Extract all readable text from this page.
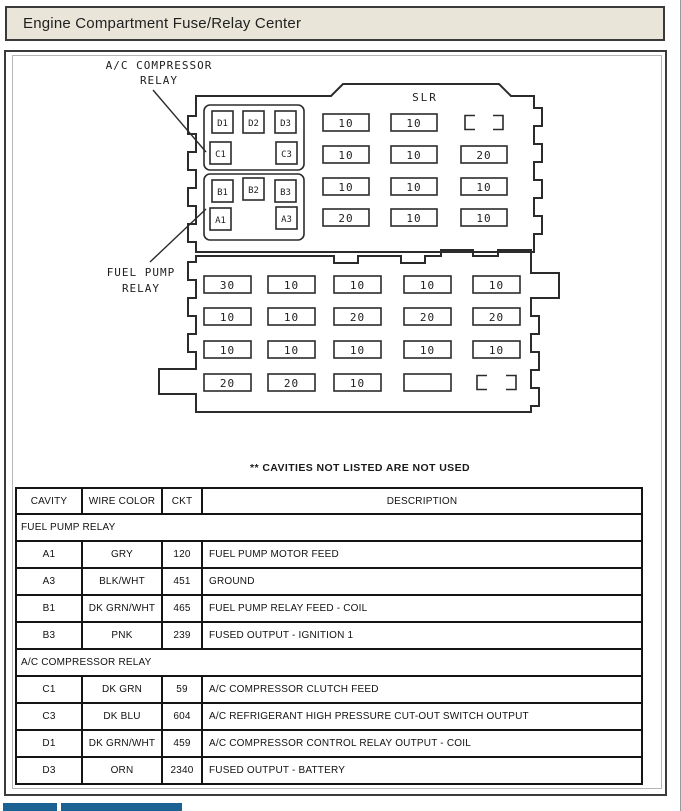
Engine Compartment Fuse/Relay Center
A/C COMPRESSOR
RELAY
FUEL PUMP
RELAY
SLR
D1 D2 D3
C1	C3
B1 B2 B3
A1	A3
10	10
10	10	20
10	10	10
20	10	10
30	10	10	10	10
10	10	20	20	20
10	10	10	10	10
20	20	10
** CAVITIES NOT LISTED ARE NOT USED
CAVITY	WIRE COLOR	CKT	DESCRIPTION
FUEL PUMP RELAY			
A1	GRY	120	FUEL PUMP MOTOR FEED
A3	BLK/WHT	451	GROUND
B1	DK GRN/WHT	465	FUEL PUMP RELAY FEED - COIL
B3	PNK	239	FUSED OUTPUT - IGNITION 1
A/C COMPRESSOR RELAY			
C1	DK GRN	59	A/C COMPRESSOR CLUTCH FEED
C3	DK BLU	604	A/C REFRIGERANT HIGH PRESSURE CUT-OUT SWITCH OUTPUT
D1	DK GRN/WHT	459	A/C COMPRESSOR CONTROL RELAY OUTPUT - COIL
D3	ORN	2340	FUSED OUTPUT - BATTERY
